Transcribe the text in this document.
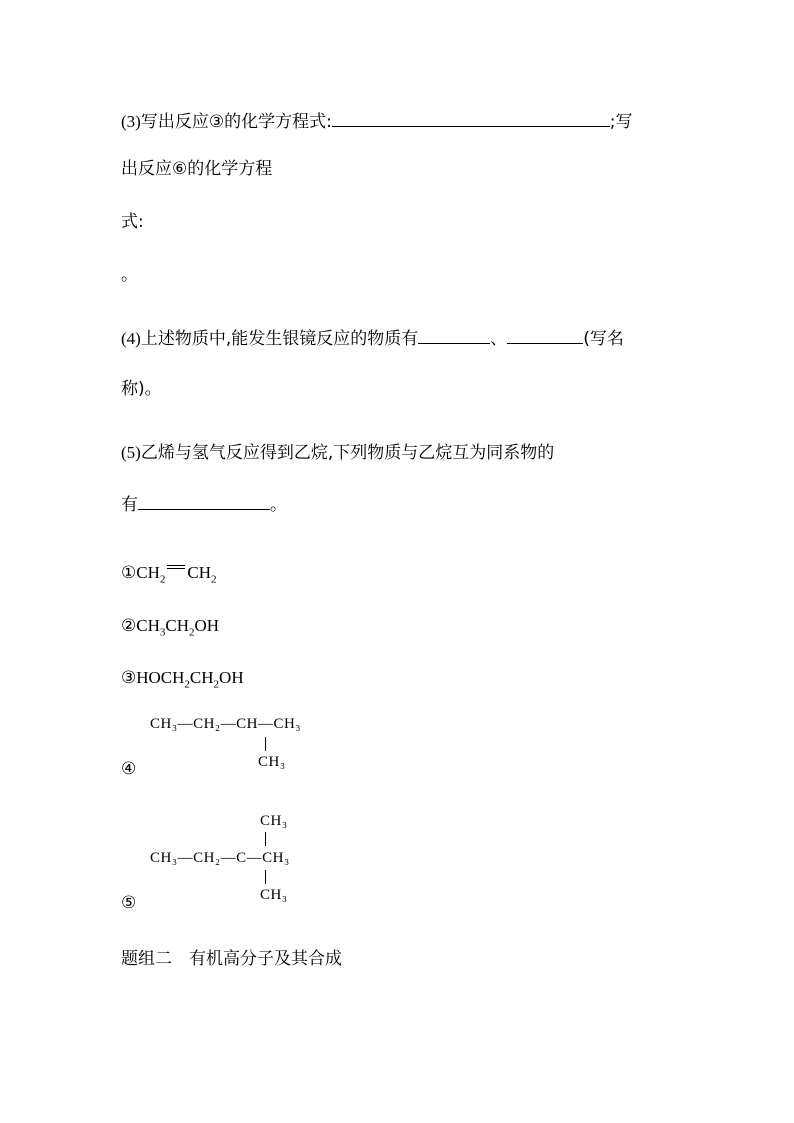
(3)写出反应③的化学方程式:	;写
出反应⑥的化学方程
式:
。
(4)上述物质中,能发生银镜反应的物质有	、	(写名
称)。
(5)乙烯与氢气反应得到乙烷,下列物质与乙烷互为同系物的
有	。
$①CH_2$ $CH_2$
$②CH_3CH_2OH$
$③HOCH_2CH_2OH$
CH₃—CH₂—CH—CH₃
CH₃
④
CH₃
CH₃—CH₂—C—CH₃
CH₃
⑤
题组二　有机高分子及其合成
